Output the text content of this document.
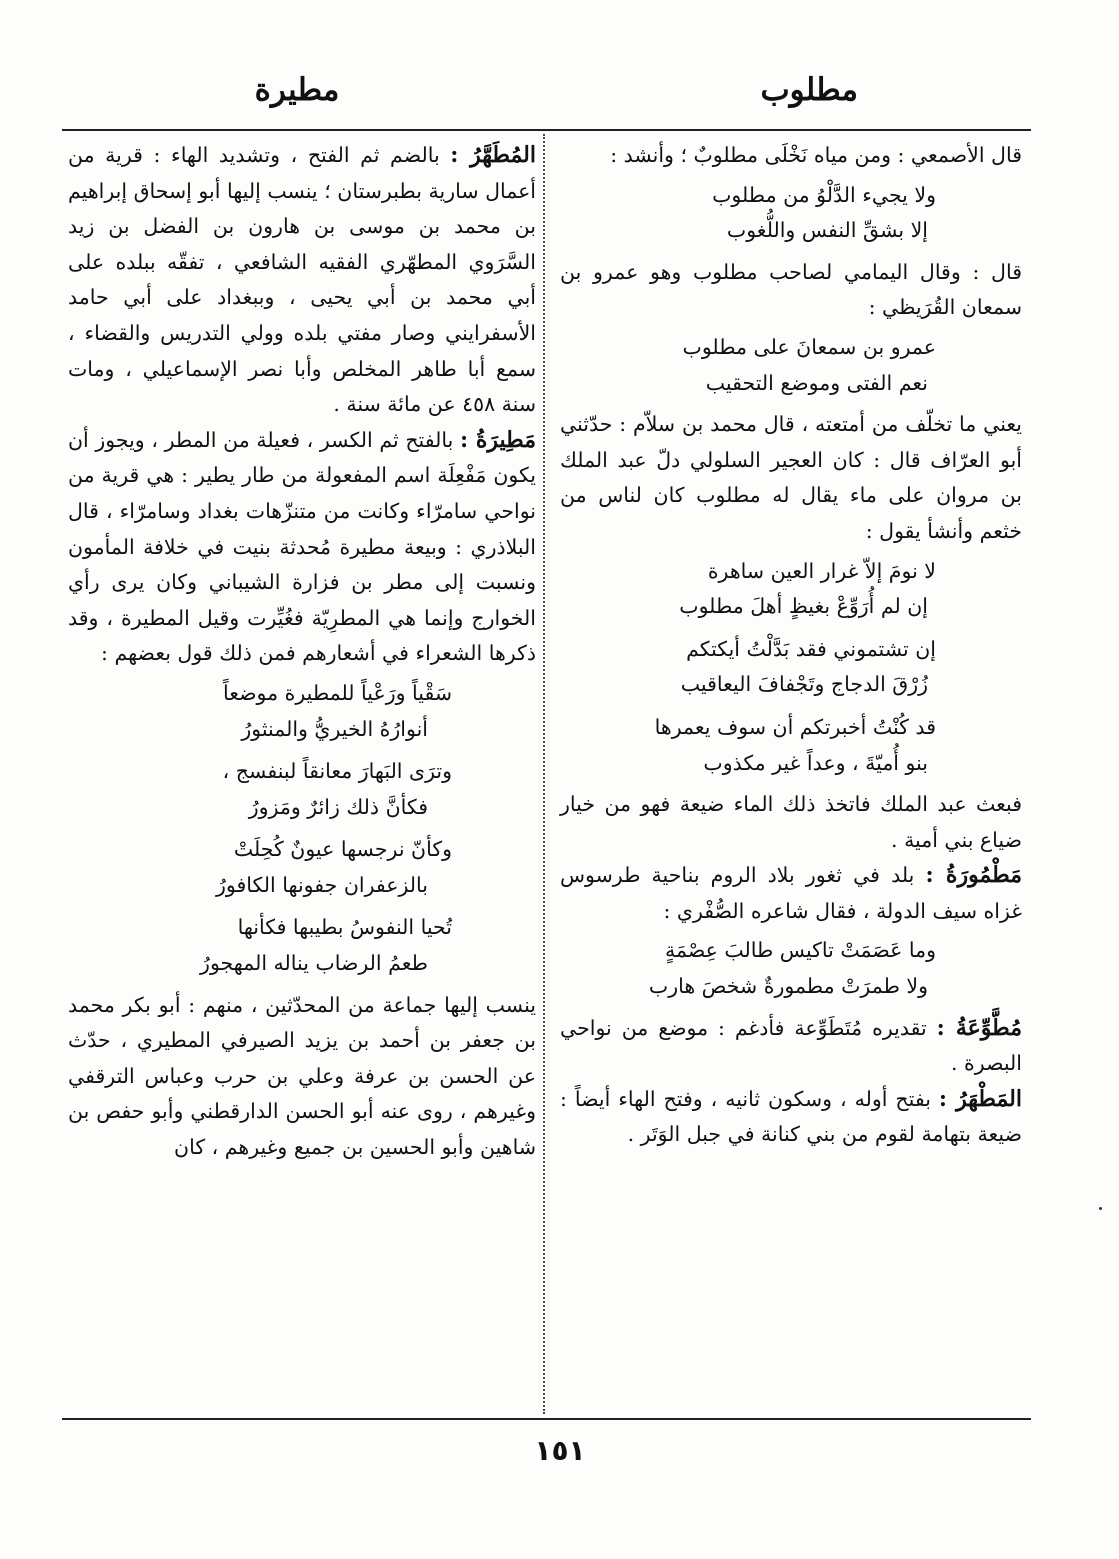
مطلوب
مطيرة

قال الأصمعي : ومن مياه نَخْلَى مطلوبٌ ؛ وأنشد :

ولا يجيء الدَّلْوُ من مطلوب
إلا بشقِّ النفس واللُّغوب

قال : وقال اليمامي لصاحب مطلوب وهو عمرو بن سمعان القُرَيظي :

عمرو بن سمعانَ على مطلوب
نعم الفتى وموضع التحقيب

يعني ما تخلّف من أمتعته ، قال محمد بن سلاّم : حدّثني أبو العرّاف قال : كان العجير السلولي دلّ عبد الملك بن مروان على ماء يقال له مطلوب كان لناس من خثعم وأنشأ يقول :

لا نومَ إلاّ غرار العين ساهرة
إن لم أُرَوِّعْ بغيظٍ أهلَ مطلوب
إن تشتموني فقد بَدَّلْتُ أيكتكم
زُرْقَ الدجاج وتَجْفافَ اليعاقيب
قد كُنْتُ أخبرتكم أن سوف يعمرها
بنو أُميّةَ ، وعداً غير مكذوب

فبعث عبد الملك فاتخذ ذلك الماء ضيعة فهو من خيار ضياع بني أمية .

مَطْمُورَةُ : بلد في ثغور بلاد الروم بناحية طرسوس غزاه سيف الدولة ، فقال شاعره الصُّفْري :

وما عَصَمَتْ تاكيس طالبَ عِصْمَةٍ
ولا طمرَتْ مطمورةٌ شخصَ هارب

مُطَّوِّعَةُ : تقديره مُتَطَوِّعة فأدغم : موضع من نواحي البصرة .

المَطْهَرُ : بفتح أوله ، وسكون ثانيه ، وفتح الهاء أيضاً : ضيعة بتهامة لقوم من بني كنانة في جبل الوَتَر .

المُطَهَّرُ : بالضم ثم الفتح ، وتشديد الهاء : قرية من أعمال سارية بطبرستان ؛ ينسب إليها أبو إسحاق إبراهيم بن محمد بن موسى بن هارون بن الفضل بن زيد السَّرَوي المطهّري الفقيه الشافعي ، تفقّه ببلده على أبي محمد بن أبي يحيى ، وببغداد على أبي حامد الأسفرايني وصار مفتي بلده وولي التدريس والقضاء ، سمع أبا طاهر المخلص وأبا نصر الإسماعيلي ، ومات سنة ٤٥٨ عن مائة سنة .

مَطِيرَةُ : بالفتح ثم الكسر ، فعيلة من المطر ، ويجوز أن يكون مَفْعِلَة اسم المفعولة من طار يطير : هي قرية من نواحي سامرّاء وكانت من متنزّهات بغداد وسامرّاء ، قال البلاذري : وبيعة مطيرة مُحدثة بنيت في خلافة المأمون ونسبت إلى مطر بن فزارة الشيباني وكان يرى رأي الخوارج وإنما هي المطرِيّة فغُيِّرت وقيل المطيرة ، وقد ذكرها الشعراء في أشعارهم فمن ذلك قول بعضهم :

سَقْياً ورَعْياً للمطيرة موضعاً
أنوارُهُ الخيريُّ والمنثورُ
وترَى البَهارَ معانقاً لبنفسج ،
فكأنَّ ذلك زائرٌ ومَزورُ
وكأنّ نرجسها عيونٌ كُحِلَتْ
بالزعفران جفونها الكافورُ
تُحيا النفوسُ بطيبها فكأنها
طعمُ الرضاب يناله المهجورُ

ينسب إليها جماعة من المحدّثين ، منهم : أبو بكر محمد بن جعفر بن أحمد بن يزيد الصيرفي المطيري ، حدّث عن الحسن بن عرفة وعلي بن حرب وعباس الترقفي وغيرهم ، روى عنه أبو الحسن الدارقطني وأبو حفص بن شاهين وأبو الحسين بن جميع وغيرهم ، كان

١٥١
